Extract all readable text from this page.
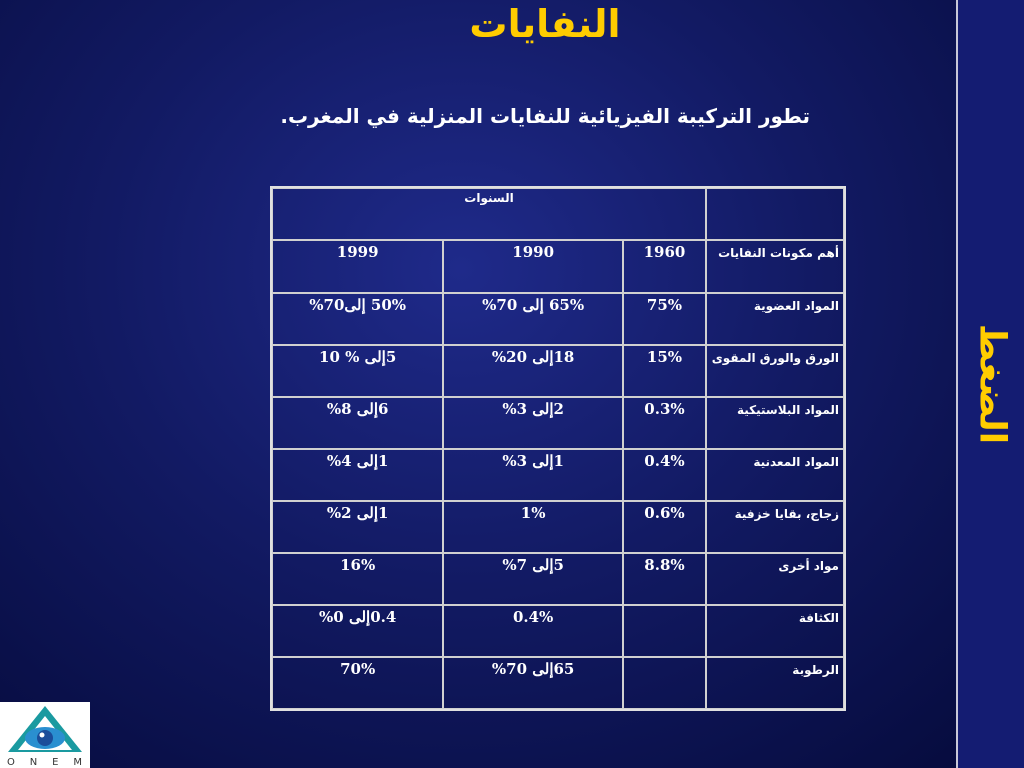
النفايات
تطور التركيبة الفيزيائية للنفايات المنزلية في المغرب.
الضغط
	السنوات		
أهم مكونات النفايات	1960	1990	1999
المواد العضوية	75%	65% إلى 70%	50% إلى70%
الورق والورق المقوى	15%	18إلى 20%	5إلى % 10
المواد البلاستيكية	0.3%	2إلى 3%	6إلى 8%
المواد المعدنية	0.4%	1إلى 3%	1إلى 4%
زجاج، بقايا خزفية	0.6%	1%	1إلى 2%
مواد أخرى	8.8%	5إلى 7%	16%
الكثافة		0.4%	0.4إلى 0%
الرطوبة		65إلى 70%	70%
O N E M
